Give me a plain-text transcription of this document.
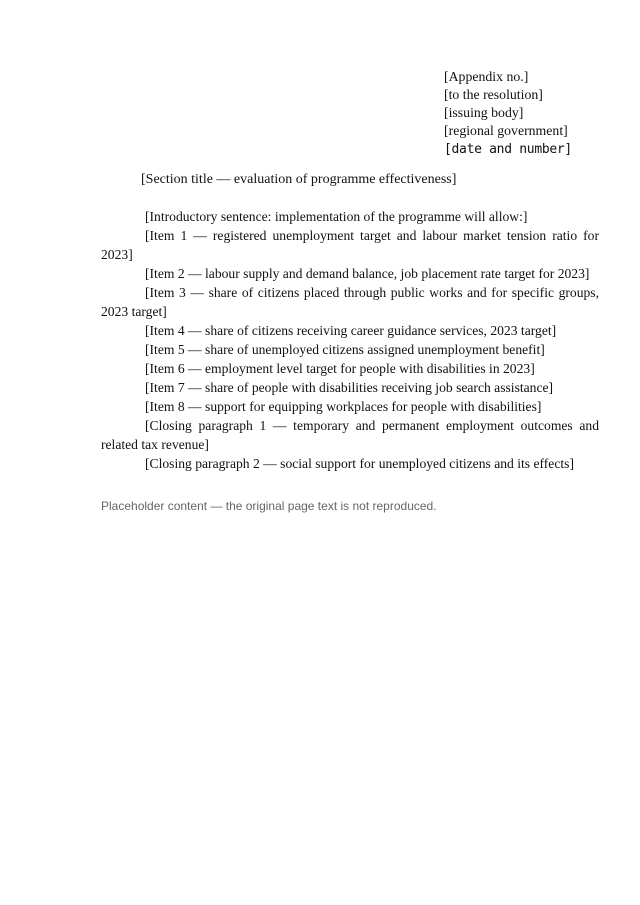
[Appendix no.]
[to the resolution]
[issuing body]
[regional government]
[date and number]
[Section title — evaluation of programme effectiveness]

[Introductory sentence: implementation of the programme will allow:]

[Item 1 — registered unemployment target and labour market tension ratio for 2023]

[Item 2 — labour supply and demand balance, job placement rate target for 2023]

[Item 3 — share of citizens placed through public works and for specific groups, 2023 target]

[Item 4 — share of citizens receiving career guidance services, 2023 target]

[Item 5 — share of unemployed citizens assigned unemployment benefit]

[Item 6 — employment level target for people with disabilities in 2023]

[Item 7 — share of people with disabilities receiving job search assistance]

[Item 8 — support for equipping workplaces for people with disabilities]

[Closing paragraph 1 — temporary and permanent employment outcomes and related tax revenue]

[Closing paragraph 2 — social support for unemployed citizens and its effects]

Placeholder content — the original page text is not reproduced.
